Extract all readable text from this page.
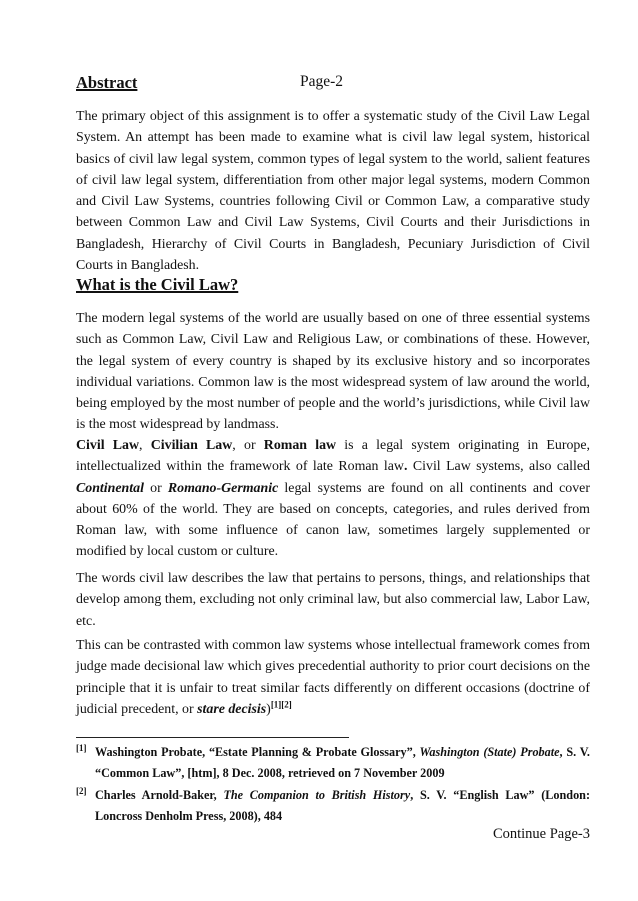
Abstract	Page-2

The primary object of this assignment is to offer a systematic study of the Civil Law Legal System. An attempt has been made to examine what is civil law legal system, historical basics of civil law legal system, common types of legal system to the world, salient features of civil law legal system, differentiation from other major legal systems, modern Common and Civil Law Systems, countries following Civil or Common Law, a comparative study between Common Law and Civil Law Systems, Civil Courts and their Jurisdictions in Bangladesh, Hierarchy of Civil Courts in Bangladesh, Pecuniary Jurisdiction of Civil Courts in Bangladesh.

What is the Civil Law?

The modern legal systems of the world are usually based on one of three essential systems such as Common Law, Civil Law and Religious Law, or combinations of these. However, the legal system of every country is shaped by its exclusive history and so incorporates individual variations. Common law is the most widespread system of law around the world, being employed by the most number of people and the world’s jurisdictions, while Civil law is the most widespread by landmass.

Civil Law, Civilian Law, or Roman law is a legal system originating in Europe, intellectualized within the framework of late Roman law. Civil Law systems, also called Continental or Romano-Germanic legal systems are found on all continents and cover about 60% of the world. They are based on concepts, categories, and rules derived from Roman law, with some influence of canon law, sometimes largely supplemented or modified by local custom or culture.

The words civil law describes the law that pertains to persons, things, and relationships that develop among them, excluding not only criminal law, but also commercial law, Labor Law, etc.

This can be contrasted with common law systems whose intellectual framework comes from judge made decisional law which gives precedential authority to prior court decisions on the principle that it is unfair to treat similar facts differently on different occasions (doctrine of judicial precedent, or stare decisis)[1][2]

[1] Washington Probate, “Estate Planning & Probate Glossary”, Washington (State) Probate, S. V. “Common Law”, [htm], 8 Dec. 2008, retrieved on 7 November 2009
[2] Charles Arnold-Baker, The Companion to British History, S. V. “English Law” (London: Loncross Denholm Press, 2008), 484
Continue Page-3
